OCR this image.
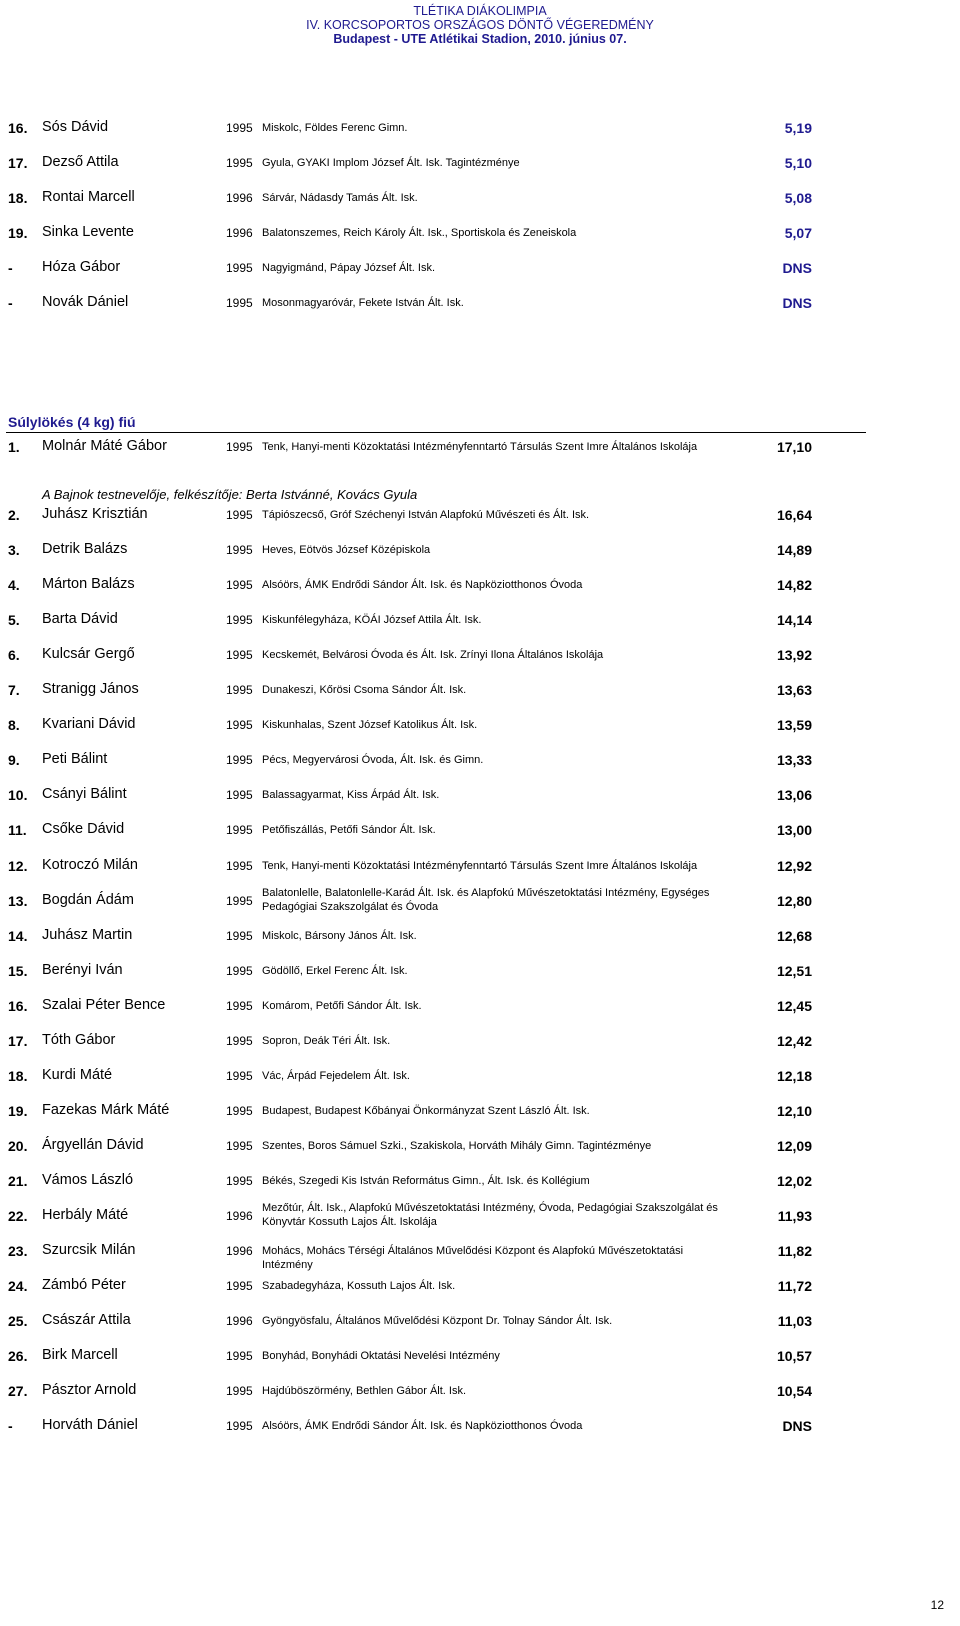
TLÉTIKA DIÁKOLIMPIA
IV. KORCSOPORTOS ORSZÁGOS DÖNTŐ VÉGEREDMÉNY
Budapest - UTE Atlétikai Stadion, 2010. június 07.
16. Sós Dávid	1995 Miskolc, Földes Ferenc Gimn.	5,19
17. Dezső Attila	1995 Gyula, GYAKI Implom József Ált. Isk. Tagintézménye	5,10
18. Rontai Marcell	1996 Sárvár, Nádasdy Tamás Ált. Isk.	5,08
19. Sinka Levente	1996 Balatonszemes, Reich Károly Ált. Isk., Sportiskola és Zeneiskola	5,07
- Hóza Gábor	1995 Nagyigmánd, Pápay József Ált. Isk.	DNS
- Novák Dániel	1995 Mosonmagyaróvár, Fekete István Ált. Isk.	DNS
Súlylökés (4 kg) fiú
1. Molnár Máté Gábor	1995 Tenk, Hanyi-menti Közoktatási Intézményfenntartó Társulás Szent Imre Általános Iskolája	17,10
A Bajnok testnevelője, felkészítője: Berta Istvánné, Kovács Gyula
2. Juhász Krisztián	1995 Tápiószecső, Gróf Széchenyi István Alapfokú Művészeti és Ált. Isk.	16,64
3. Detrik Balázs	1995 Heves, Eötvös József Középiskola	14,89
4. Márton Balázs	1995 Alsóörs, ÁMK Endrődi Sándor Ált. Isk. és Napköziotthonos Óvoda	14,82
5. Barta Dávid	1995 Kiskunfélegyháza, KÖÁI József Attila Ált. Isk.	14,14
6. Kulcsár Gergő	1995 Kecskemét, Belvárosi Óvoda és Ált. Isk. Zrínyi Ilona Általános Iskolája	13,92
7. Stranigg János	1995 Dunakeszi, Kőrösi Csoma Sándor Ált. Isk.	13,63
8. Kvariani Dávid	1995 Kiskunhalas, Szent József Katolikus Ált. Isk.	13,59
9. Peti Bálint	1995 Pécs, Megyervárosi Óvoda, Ált. Isk. és Gimn.	13,33
10. Csányi Bálint	1995 Balassagyarmat, Kiss Árpád Ált. Isk.	13,06
11. Csőke Dávid	1995 Petőfiszállás, Petőfi Sándor Ált. Isk.	13,00
12. Kotroczó Milán	1995 Tenk, Hanyi-menti Közoktatási Intézményfenntartó Társulás Szent Imre Általános Iskolája	12,92
13. Bogdán Ádám	1995
Balatonlelle, Balatonlelle-Karád Ált. Isk. és Alapfokú Művészetoktatási Intézmény, Egységes Pedagógiai Szakszolgálat és Óvoda	12,80
14. Juhász Martin	1995 Miskolc, Bársony János Ált. Isk.	12,68
15. Berényi Iván	1995 Gödöllő, Erkel Ferenc Ált. Isk.	12,51
16. Szalai Péter Bence	1995 Komárom, Petőfi Sándor Ált. Isk.	12,45
17. Tóth Gábor	1995 Sopron, Deák Téri Ált. Isk.	12,42
18. Kurdi Máté	1995 Vác, Árpád Fejedelem Ált. Isk.	12,18
19. Fazekas Márk Máté	1995 Budapest, Budapest Kőbányai Önkormányzat Szent László Ált. Isk.	12,10
20. Árgyellán Dávid	1995 Szentes, Boros Sámuel Szki., Szakiskola, Horváth Mihály Gimn. Tagintézménye	12,09
21. Vámos László	1995 Békés, Szegedi Kis István Református Gimn., Ált. Isk. és Kollégium	12,02
22. Herbály Máté	1996
Mezőtúr, Ált. Isk., Alapfokú Művészetoktatási Intézmény, Óvoda, Pedagógiai Szakszolgálat és Könyvtár Kossuth Lajos Ált. Iskolája	11,93
23. Szurcsik Milán	1996 Mohács, Mohács Térségi Általános Művelődési Központ és Alapfokú Művészetoktatási Intézmény
11,82
24. Zámbó Péter	1995 Szabadegyháza, Kossuth Lajos Ált. Isk.	11,72
25. Császár Attila	1996 Gyöngyösfalu, Általános Művelődési Központ Dr. Tolnay Sándor Ált. Isk.	11,03
26. Birk Marcell	1995 Bonyhád, Bonyhádi Oktatási Nevelési Intézmény	10,57
27. Pásztor Arnold	1995 Hajdúböszörmény, Bethlen Gábor Ált. Isk.	10,54
- Horváth Dániel	1995 Alsóörs, ÁMK Endrődi Sándor Ált. Isk. és Napköziotthonos Óvoda	DNS
12
